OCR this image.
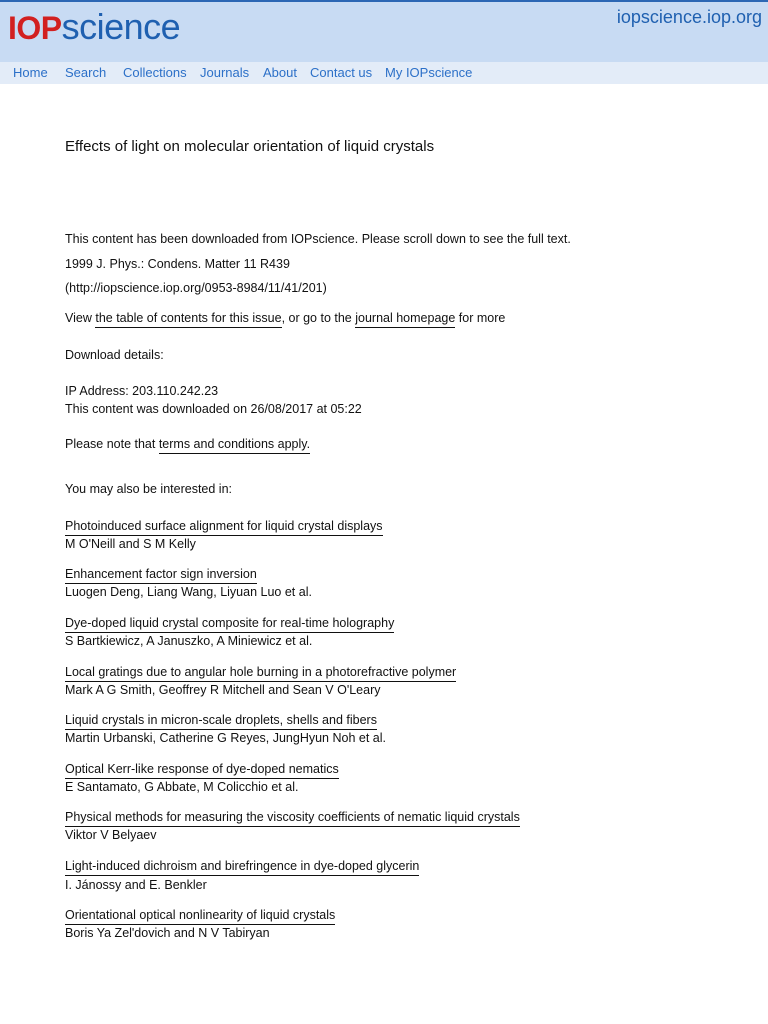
IOP science	iopscience.iop.org
Home Search Collections Journals About Contact us My IOPscience
Effects of light on molecular orientation of liquid crystals
This content has been downloaded from IOPscience. Please scroll down to see the full text.
1999 J. Phys.: Condens. Matter 11 R439
(http://iopscience.iop.org/0953-8984/11/41/201)
View the table of contents for this issue, or go to the journal homepage for more
Download details:
IP Address: 203.110.242.23
This content was downloaded on 26/08/2017 at 05:22
Please note that terms and conditions apply.
You may also be interested in:
Photoinduced surface alignment for liquid crystal displays
M O'Neill and S M Kelly
Enhancement factor sign inversion
Luogen Deng, Liang Wang, Liyuan Luo et al.
Dye-doped liquid crystal composite for real-time holography
S Bartkiewicz, A Januszko, A Miniewicz et al.
Local gratings due to angular hole burning in a photorefractive polymer
Mark A G Smith, Geoffrey R Mitchell and Sean V O'Leary
Liquid crystals in micron-scale droplets, shells and fibers
Martin Urbanski, Catherine G Reyes, JungHyun Noh et al.
Optical Kerr-like response of dye-doped nematics
E Santamato, G Abbate, M Colicchio et al.
Physical methods for measuring the viscosity coefficients of nematic liquid crystals
Viktor V Belyaev
Light-induced dichroism and birefringence in dye-doped glycerin
I. Jánossy and E. Benkler
Orientational optical nonlinearity of liquid crystals
Boris Ya Zel'dovich and N V Tabiryan
